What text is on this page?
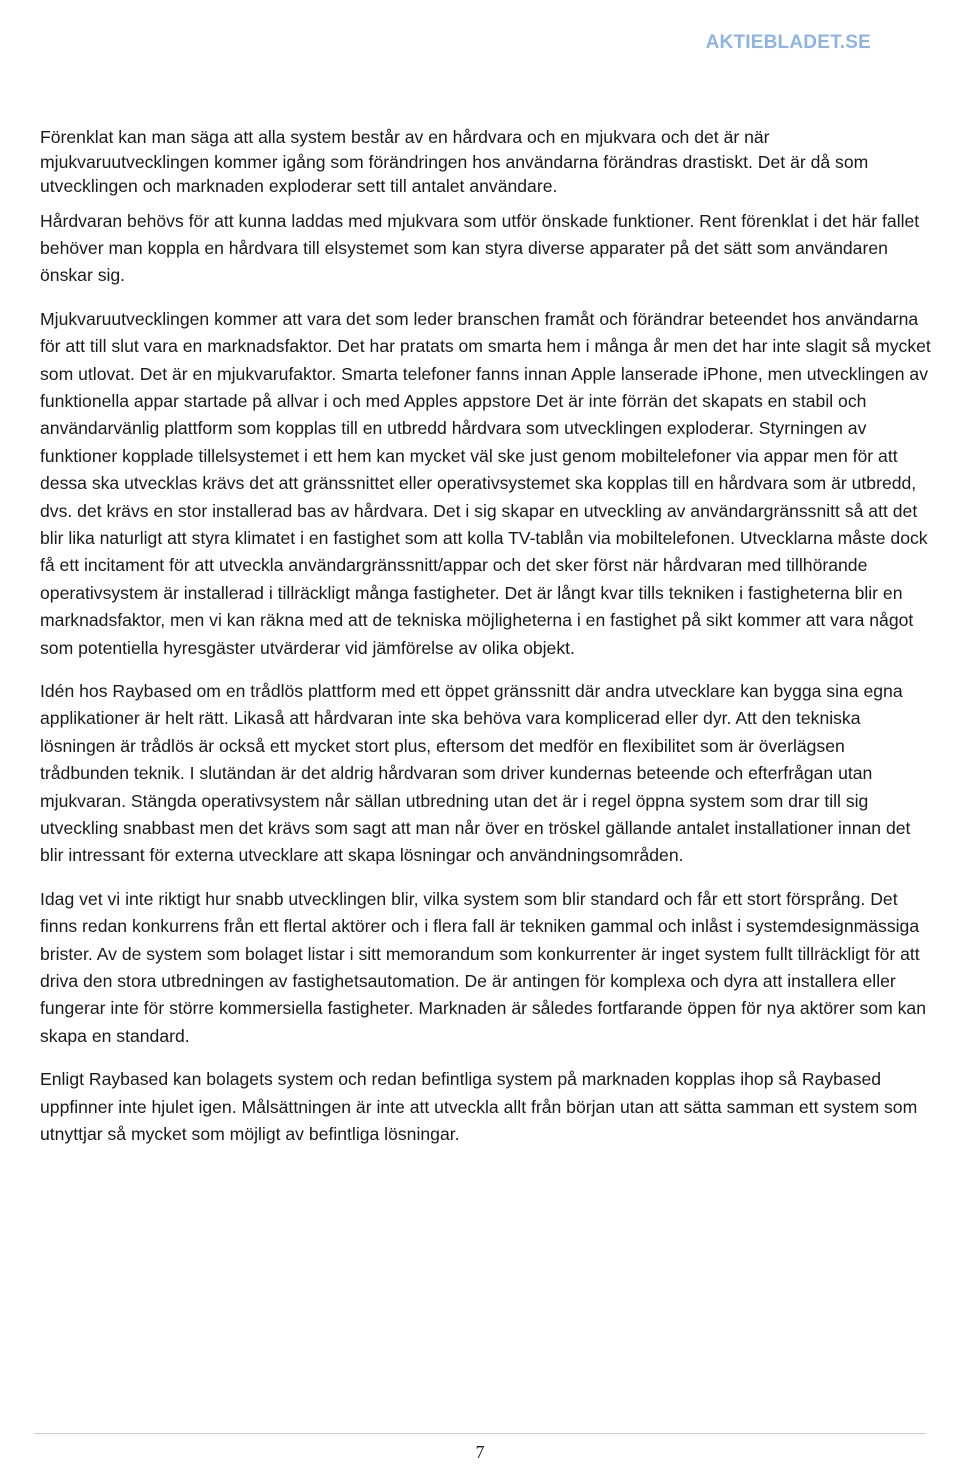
AKTIEBLADET.SE

Förenklat kan man säga att alla system består av en hårdvara och en mjukvara och det är när mjukvaruutvecklingen kommer igång som förändringen hos användarna förändras drastiskt. Det är då som utvecklingen och marknaden exploderar sett till antalet användare.

Hårdvaran behövs för att kunna laddas med mjukvara som utför önskade funktioner. Rent förenklat i det här fallet behöver man koppla en hårdvara till elsystemet som kan styra diverse apparater på det sätt som användaren önskar sig.

Mjukvaruutvecklingen kommer att vara det som leder branschen framåt och förändrar beteendet hos användarna för att till slut vara en marknadsfaktor. Det har pratats om smarta hem i många år men det har inte slagit så mycket som utlovat. Det är en mjukvarufaktor. Smarta telefoner fanns innan Apple lanserade iPhone, men utvecklingen av funktionella appar startade på allvar i och med Apples appstore Det är inte förrän det skapats en stabil och användarvänlig plattform som kopplas till en utbredd hårdvara som utvecklingen exploderar. Styrningen av funktioner kopplade tillelsystemet i ett hem kan mycket väl ske just genom mobiltelefoner via appar men för att dessa ska utvecklas krävs det att gränssnittet eller operativsystemet ska kopplas till en hårdvara som är utbredd, dvs. det krävs en stor installerad bas av hårdvara. Det i sig skapar en utveckling av användargränssnitt så att det blir lika naturligt att styra klimatet i en fastighet som att kolla TV-tablån via mobiltelefonen. Utvecklarna måste dock få ett incitament för att utveckla användargränssnitt/appar och det sker först när hårdvaran med tillhörande operativsystem är installerad i tillräckligt många fastigheter. Det är långt kvar tills tekniken i fastigheterna blir en marknadsfaktor, men vi kan räkna med att de tekniska möjligheterna i en fastighet på sikt kommer att vara något som potentiella hyresgäster utvärderar vid jämförelse av olika objekt.

Idén hos Raybased om en trådlös plattform med ett öppet gränssnitt där andra utvecklare kan bygga sina egna applikationer är helt rätt. Likaså att hårdvaran inte ska behöva vara komplicerad eller dyr. Att den tekniska lösningen är trådlös är också ett mycket stort plus, eftersom det medför en flexibilitet som är överlägsen trådbunden teknik. I slutändan är det aldrig hårdvaran som driver kundernas beteende och efterfrågan utan mjukvaran. Stängda operativsystem når sällan utbredning utan det är i regel öppna system som drar till sig utveckling snabbast men det krävs som sagt att man når över en tröskel gällande antalet installationer innan det blir intressant för externa utvecklare att skapa lösningar och användningsområden.

Idag vet vi inte riktigt hur snabb utvecklingen blir, vilka system som blir standard och får ett stort försprång. Det finns redan konkurrens från ett flertal aktörer och i flera fall är tekniken gammal och inlåst i systemdesignmässiga brister. Av de system som bolaget listar i sitt memorandum som konkurrenter är inget system fullt tillräckligt för att driva den stora utbredningen av fastighetsautomation. De är antingen för komplexa och dyra att installera eller fungerar inte för större kommersiella fastigheter. Marknaden är således fortfarande öppen för nya aktörer som kan skapa en standard.

Enligt Raybased kan bolagets system och redan befintliga system på marknaden kopplas ihop så Raybased uppfinner inte hjulet igen. Målsättningen är inte att utveckla allt från början utan att sätta samman ett system som utnyttjar så mycket som möjligt av befintliga lösningar.

7
